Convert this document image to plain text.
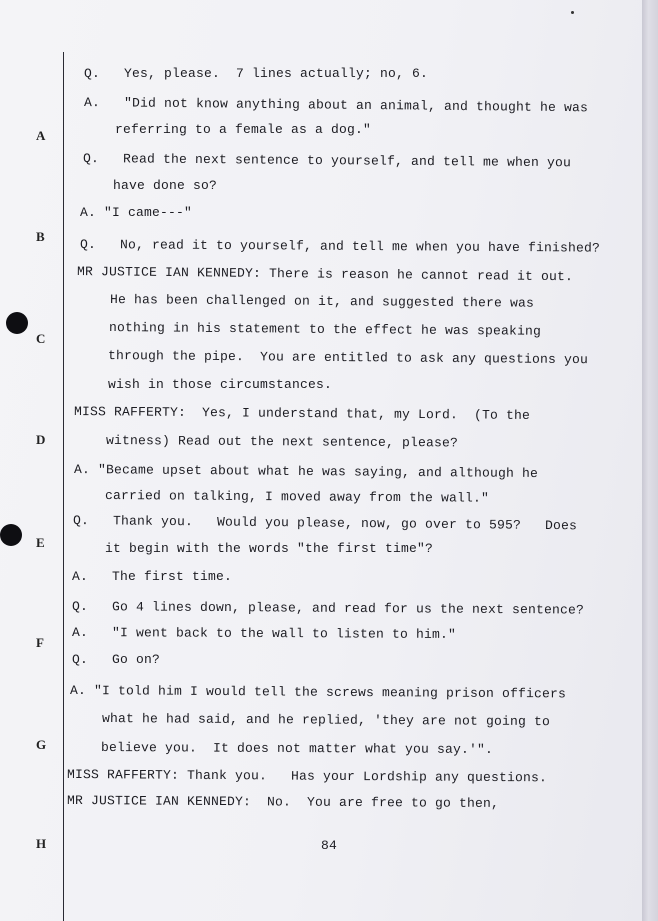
A
B
C
D
E
F
G
H
Q.   Yes, please.  7 lines actually; no, 6.
A.   "Did not know anything about an animal, and thought he was
referring to a female as a dog."
Q.   Read the next sentence to yourself, and tell me when you
have done so?
A. "I came---"
Q.   No, read it to yourself, and tell me when you have finished?
MR JUSTICE IAN KENNEDY: There is reason he cannot read it out.
He has been challenged on it, and suggested there was
nothing in his statement to the effect he was speaking
through the pipe.  You are entitled to ask any questions you
wish in those circumstances.
MISS RAFFERTY:  Yes, I understand that, my Lord.  (To the
witness) Read out the next sentence, please?
A. "Became upset about what he was saying, and although he
carried on talking, I moved away from the wall."
Q.   Thank you.   Would you please, now, go over to 595?   Does
it begin with the words "the first time"?
A.   The first time.
Q.   Go 4 lines down, please, and read for us the next sentence?
A.   "I went back to the wall to listen to him."
Q.   Go on?
A. "I told him I would tell the screws meaning prison officers
what he had said, and he replied, 'they are not going to
believe you.  It does not matter what you say.'".
MISS RAFFERTY: Thank you.   Has your Lordship any questions.
MR JUSTICE IAN KENNEDY:  No.  You are free to go then,
84
